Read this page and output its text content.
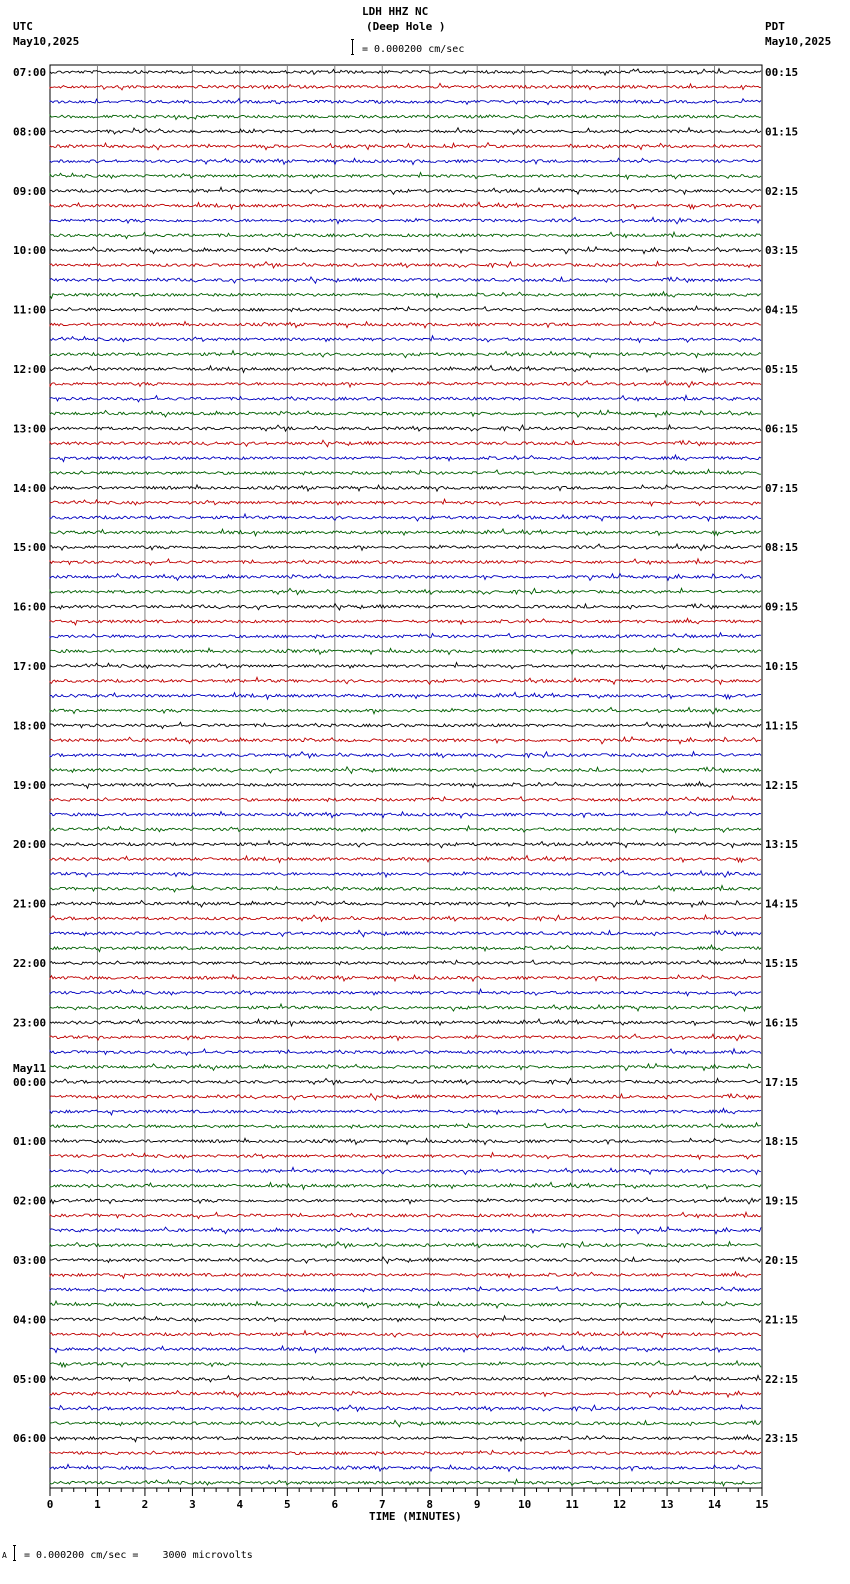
0	1	2	3	4	5	6	7	8	9	10	11	12	13	14	15
07:00	00:15
08:00	01:15
09:00	02:15
10:00	03:15
11:00	04:15
12:00	05:15
13:00	06:15
14:00	07:15
15:00	08:15
16:00	09:15
17:00	10:15
18:00	11:15
19:00	12:15
20:00	13:15
21:00	14:15
22:00	15:15
23:00	16:15
00:00	17:15
May11
01:00	18:15
02:00	19:15
03:00	20:15
04:00	21:15
05:00	22:15
06:00	23:15
LDH HHZ NC
(Deep Hole )
UTC
May10,2025
PDT
May10,2025
= 0.000200 cm/sec
TIME (MINUTES)
A = 0.000200 cm/sec =    3000 microvolts
